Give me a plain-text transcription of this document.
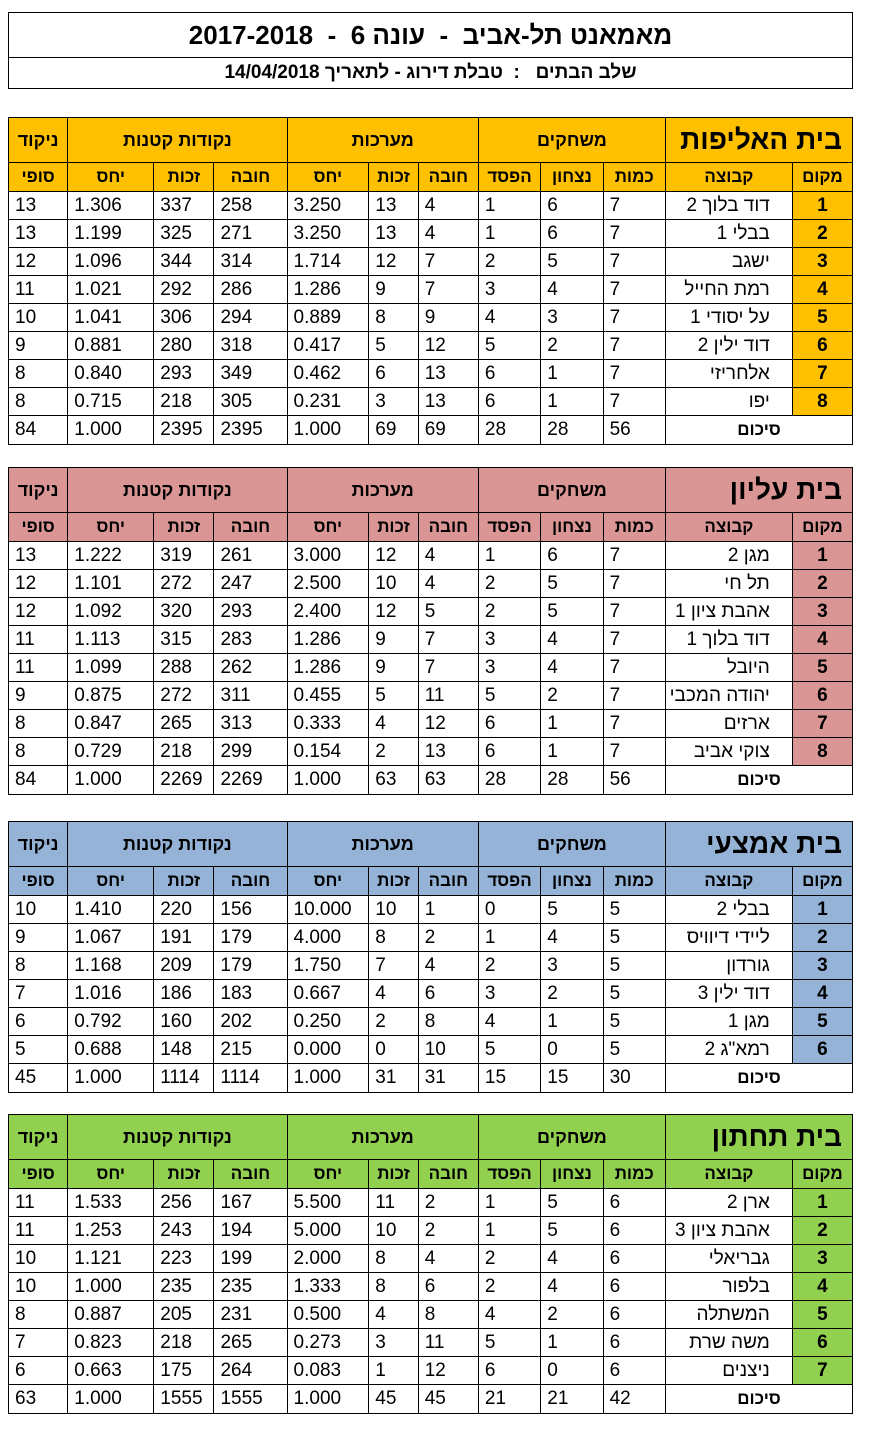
מאמאנט תל-אביב  -  עונה 6  -  2017-2018
שלב הבתים   :  טבלת דירוג - לתאריך 14/04/2018
בית האליפות		משחקים			מערכות			נקודות קטנות			ניקוד
מקום	קבוצה	כמות	נצחון	הפסד	חובה	זכות	יחס	חובה	זכות	יחס	סופי
1	דוד בלוך 2	7	6	1	4	13	3.250	258	337	1.306	13
2	בבלי 1	7	6	1	4	13	3.250	271	325	1.199	13
3	ישגב	7	5	2	7	12	1.714	314	344	1.096	12
4	רמת החייל	7	4	3	7	9	1.286	286	292	1.021	11
5	על יסודי 1	7	3	4	9	8	0.889	294	306	1.041	10
6	דוד ילין 2	7	2	5	12	5	0.417	318	280	0.881	9
7	אלחריזי	7	1	6	13	6	0.462	349	293	0.840	8
8	יפו	7	1	6	13	3	0.231	305	218	0.715	8
סיכום		56	28	28	69	69	1.000	2395	2395	1.000	84
בית עליון		משחקים			מערכות			נקודות קטנות			ניקוד
מקום	קבוצה	כמות	נצחון	הפסד	חובה	זכות	יחס	חובה	זכות	יחס	סופי
1	מגן 2	7	6	1	4	12	3.000	261	319	1.222	13
2	תל חי	7	5	2	4	10	2.500	247	272	1.101	12
3	אהבת ציון 1	7	5	2	5	12	2.400	293	320	1.092	12
4	דוד בלוך 1	7	4	3	7	9	1.286	283	315	1.113	11
5	היובל	7	4	3	7	9	1.286	262	288	1.099	11
6	יהודה המכבי	7	2	5	11	5	0.455	311	272	0.875	9
7	ארזים	7	1	6	12	4	0.333	313	265	0.847	8
8	צוקי אביב	7	1	6	13	2	0.154	299	218	0.729	8
סיכום		56	28	28	63	63	1.000	2269	2269	1.000	84
בית אמצעי		משחקים			מערכות			נקודות קטנות			ניקוד
מקום	קבוצה	כמות	נצחון	הפסד	חובה	זכות	יחס	חובה	זכות	יחס	סופי
1	בבלי 2	5	5	0	1	10	10.000	156	220	1.410	10
2	ליידי דיוויס	5	4	1	2	8	4.000	179	191	1.067	9
3	גורדון	5	3	2	4	7	1.750	179	209	1.168	8
4	דוד ילין 3	5	2	3	6	4	0.667	183	186	1.016	7
5	מגן 1	5	1	4	8	2	0.250	202	160	0.792	6
6	רמא"ג 2	5	0	5	10	0	0.000	215	148	0.688	5
סיכום		30	15	15	31	31	1.000	1114	1114	1.000	45
בית תחתון		משחקים			מערכות			נקודות קטנות			ניקוד
מקום	קבוצה	כמות	נצחון	הפסד	חובה	זכות	יחס	חובה	זכות	יחס	סופי
1	ארן 2	6	5	1	2	11	5.500	167	256	1.533	11
2	אהבת ציון 3	6	5	1	2	10	5.000	194	243	1.253	11
3	גבריאלי	6	4	2	4	8	2.000	199	223	1.121	10
4	בלפור	6	4	2	6	8	1.333	235	235	1.000	10
5	המשתלה	6	2	4	8	4	0.500	231	205	0.887	8
6	משה שרת	6	1	5	11	3	0.273	265	218	0.823	7
7	ניצנים	6	0	6	12	1	0.083	264	175	0.663	6
סיכום		42	21	21	45	45	1.000	1555	1555	1.000	63
